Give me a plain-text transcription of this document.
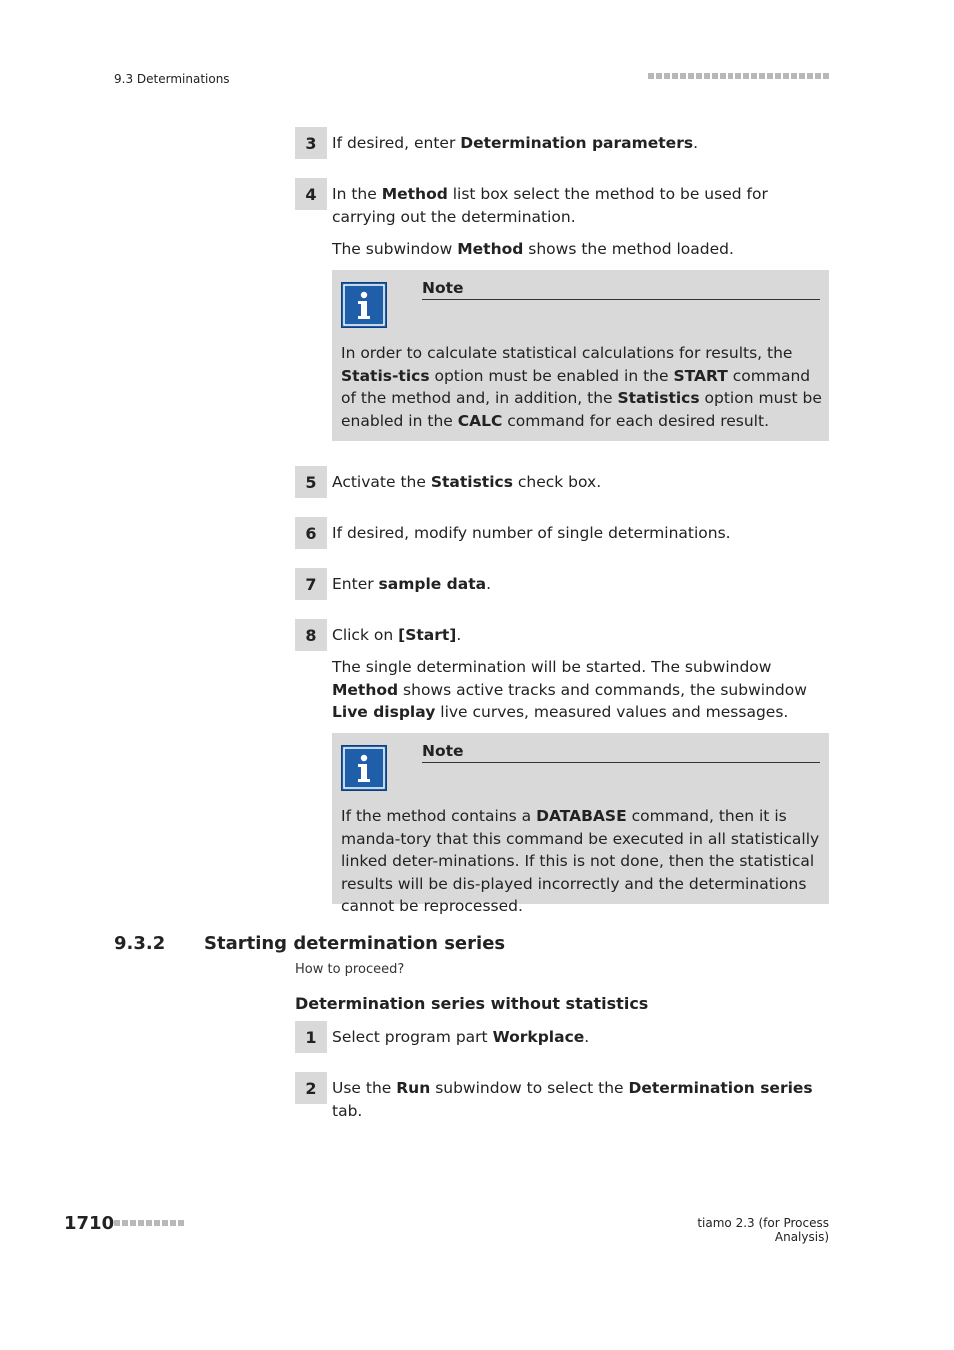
9.3 Determinations
3 If desired, enter Determination parameters.
4 In the Method list box select the method to be used for carrying out the determination.
The subwindow Method shows the method loaded.
Note
In order to calculate statistical calculations for results, the Statis-tics option must be enabled in the START command of the method and, in addition, the Statistics option must be enabled in the CALC command for each desired result.
5 Activate the Statistics check box.
6 If desired, modify number of single determinations.
7 Enter sample data.
8 Click on [Start].
The single determination will be started. The subwindow Method shows active tracks and commands, the subwindow Live display live curves, measured values and messages.
Note
If the method contains a DATABASE command, then it is manda-tory that this command be executed in all statistically linked deter-minations. If this is not done, then the statistical results will be dis-played incorrectly and the determinations cannot be reprocessed.
9.3.2 Starting determination series
How to proceed?
Determination series without statistics
1 Select program part Workplace.
2 Use the Run subwindow to select the Determination series tab.
1710	tiamo 2.3 (for Process Analysis)
